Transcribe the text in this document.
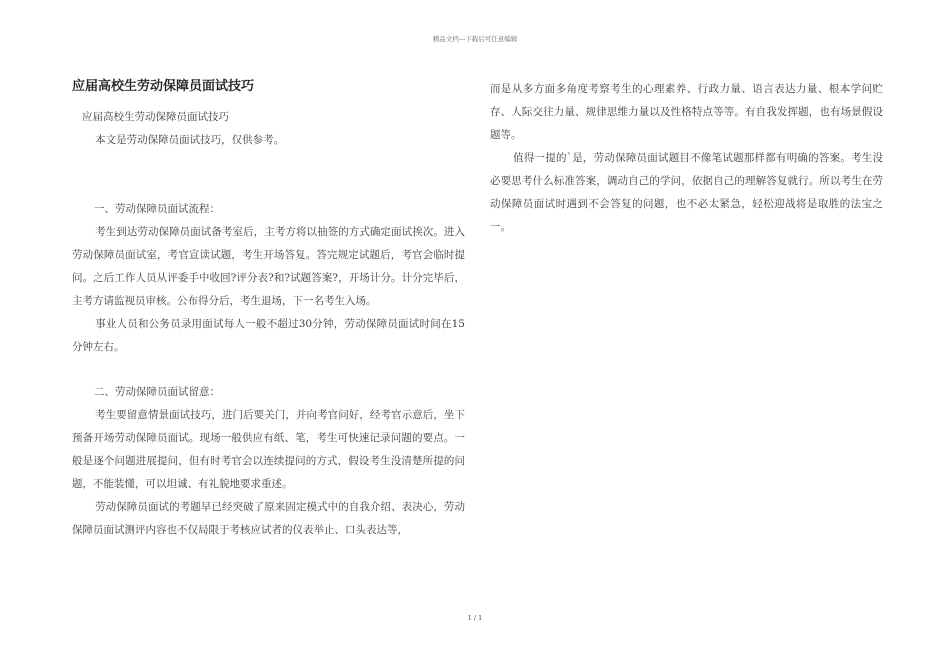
精品文档---下载后可任意编辑
应届高校生劳动保障员面试技巧

应届高校生劳动保障员面试技巧

本文是劳动保障员面试技巧，仅供参考。

一、劳动保障员面试流程：

考生到达劳动保障员面试备考室后，主考方将以抽签的方式确定面试挨次。进入劳动保障员面试室，考官宣读试题，考生开场答复。答完规定试题后，考官会临时提问。之后工作人员从评委手中收回?评分表?和?试题答案?，开场计分。计分完毕后，主考方请监视员审核。公布得分后，考生退场，下一名考生入场。

事业人员和公务员录用面试每人一般不超过30分钟，劳动保障员面试时间在15分钟左右。

二、劳动保障员面试留意：

考生要留意情景面试技巧，进门后要关门，并向考官问好，经考官示意后，坐下预备开场劳动保障员面试。现场一般供应有纸、笔，考生可快速记录问题的要点。一般是逐个问题进展提问，但有时考官会以连续提问的方式，假设考生没清楚所提的问题，不能装懂，可以坦诚、有礼貌地要求重述。

劳动保障员面试的考题早已经突破了原来固定模式中的自我介绍、表决心，劳动保障员面试测评内容也不仅局限于考核应试者的仪表举止、口头表达等，

而是从多方面多角度考察考生的心理素养、行政力量、语言表达力量、根本学问贮存、人际交往力量、规律思维力量以及性格特点等等。有自我发挥题，也有场景假设题等。

值得一提的`是，劳动保障员面试题目不像笔试题那样都有明确的答案。考生没必要思考什么标准答案，调动自己的学问，依据自己的理解答复就行。所以考生在劳动保障员面试时遇到不会答复的问题，也不必太紧急，轻松迎战将是取胜的法宝之一。

1 / 1
